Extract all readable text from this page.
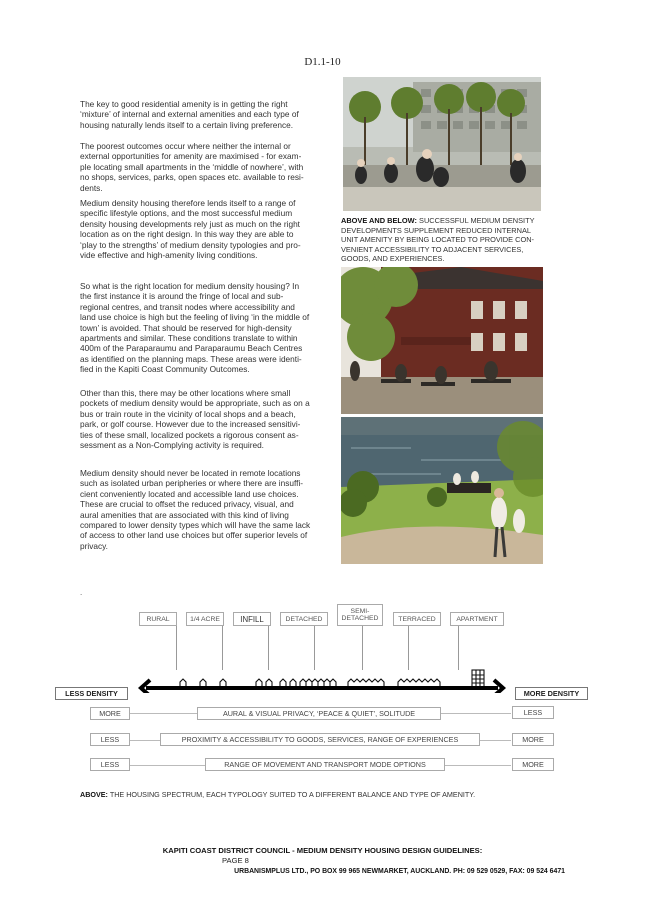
D1.1-10

The key to good residential amenity is in getting the right ‘mixture’ of internal and external amenities and each type of housing naturally lends itself to a certain living preference.

The poorest outcomes occur where neither the internal or external opportunities for amenity are maximised - for exam-ple locating small apartments in the ‘middle of nowhere’, with no shops, services, parks, open spaces etc. available to resi-dents.

Medium density housing therefore lends itself to a range of specific lifestyle options, and the most successful medium density housing developments rely just as much on the right location as on the right design. In this way they are able to ‘play to the strengths’ of medium density typologies and pro-vide effective and high-amenity living conditions.

So what is the right location for medium density housing? In the first instance it is around the fringe of local and sub-regional centres, and transit nodes where accessibility and land use choice is high but the feeling of living ‘in the middle of town’ is avoided. That should be reserved for high-density apartments and similar. These conditions translate to within 400m of the Paraparaumu and Paraparaumu Beach Centres as identified on the planning maps. These areas were identi-fied in the Kapiti Coast Community Outcomes.

Other than this, there may be other locations where small pockets of medium density would be appropriate, such as on a bus or train route in the vicinity of local shops and a beach, park, or golf course. However due to the increased sensitivi-ties of these small, localized pockets a rigorous consent as-sessment as a Non-Complying activity is required.

Medium density should never be located in remote locations such as isolated urban peripheries or where there are insuffi-cient conveniently located and accessible land use choices. These are crucial to offset the reduced privacy, visual, and aural amenities that are associated with this kind of living compared to lower density types which will have the same lack of access to other land use choices but offer superior levels of privacy.

ABOVE AND BELOW: SUCCESSFUL MEDIUM DENSITY DEVELOPMENTS SUPPLEMENT REDUCED INTERNAL UNIT AMENITY BY BEING LOCATED TO PROVIDE CON-VENIENT ACCESSIBILITY TO ADJACENT SERVICES, GOODS, AND EXPERIENCES.
.
RURAL	1/4 ACRE	INFILL	DETACHED
SEMI-DETACHED	TERRACED	APARTMENT
LESS DENSITY	MORE DENSITY
MORE	AURAL & VISUAL PRIVACY, ‘PEACE & QUIET’, SOLITUDE	LESS
LESS	PROXIMITY & ACCESSIBILITY TO GOODS, SERVICES, RANGE OF EXPERIENCES	MORE
LESS	RANGE OF MOVEMENT AND TRANSPORT MODE OPTIONS	MORE
ABOVE: THE HOUSING SPECTRUM, EACH TYPOLOGY SUITED TO A DIFFERENT BALANCE AND TYPE OF AMENITY.
KAPITI COAST DISTRICT COUNCIL - MEDIUM DENSITY HOUSING DESIGN GUIDELINES:
PAGE 8
URBANISMPLUS LTD., PO BOX 99 965 NEWMARKET, AUCKLAND. PH: 09 529 0529, FAX: 09 524 6471
